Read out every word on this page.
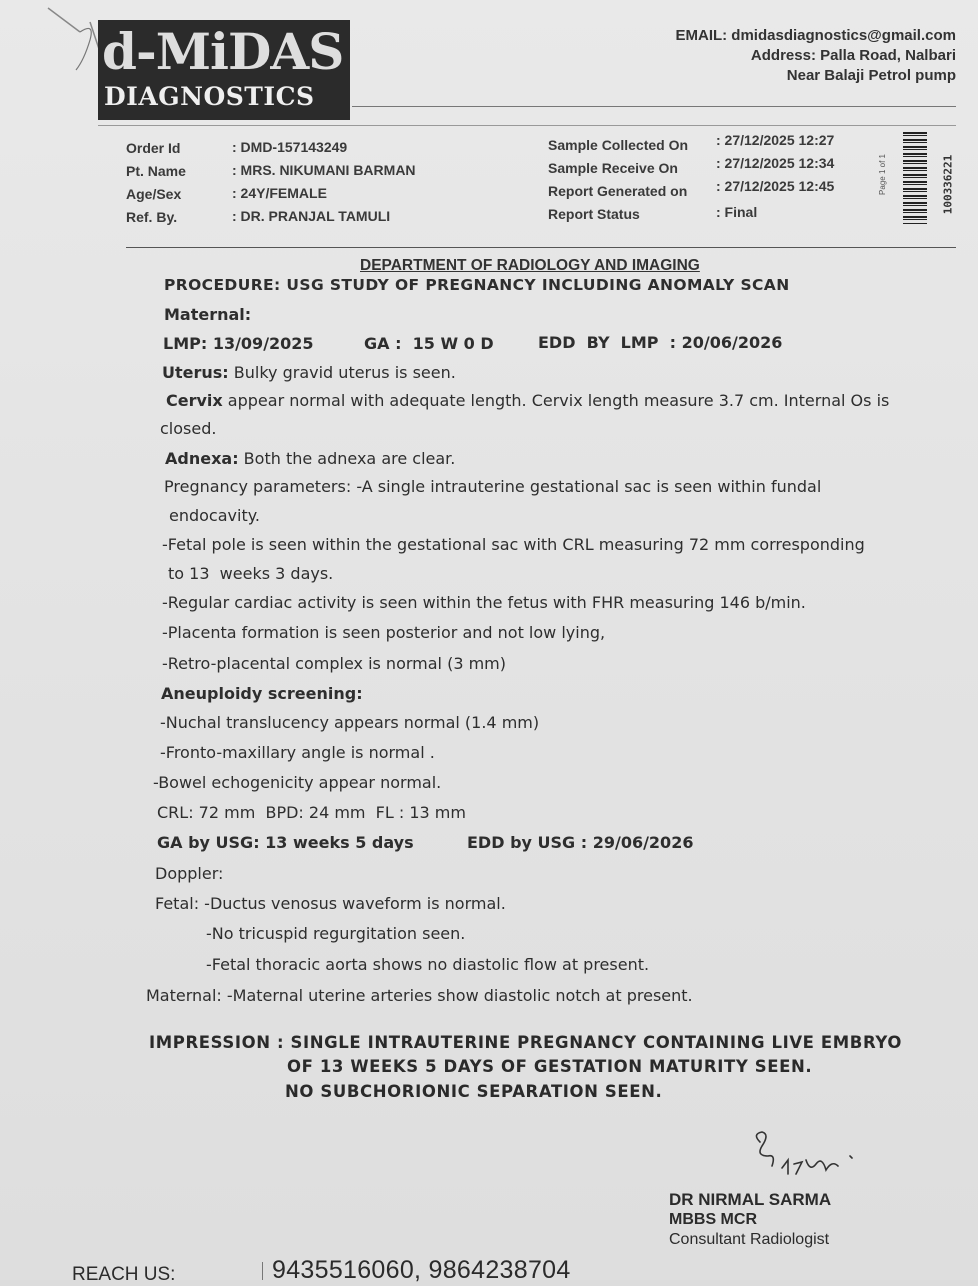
d-MiDAS
DIAGNOSTICS
EMAIL: dmidasdiagnostics@gmail.com
Address: Palla Road, Nalbari
Near Balaji Petrol pump
Order Id	: DMD-157143249
Pt. Name	: MRS. NIKUMANI BARMAN
Age/Sex	: 24Y/FEMALE
Ref. By.	: DR. PRANJAL TAMULI
Sample Collected On : 27/12/2025 12:27
Sample Receive On	: 27/12/2025 12:34
Report Generated on : 27/12/2025 12:45
Report Status	: Final	100336221
Page 1 of 1
DEPARTMENT OF RADIOLOGY AND IMAGING
PROCEDURE: USG STUDY OF PREGNANCY INCLUDING ANOMALY SCAN
Maternal:
LMP: 13/09/2025	GA :  15 W 0 D	EDD  BY  LMP  : 20/06/2026
Uterus: Bulky gravid uterus is seen.
Cervix appear normal with adequate length. Cervix length measure 3.7 cm. Internal Os is
closed.
Adnexa: Both the adnexa are clear.
Pregnancy parameters: -A single intrauterine gestational sac is seen within fundal
endocavity.
-Fetal pole is seen within the gestational sac with CRL measuring 72 mm corresponding
to 13  weeks 3 days.
-Regular cardiac activity is seen within the fetus with FHR measuring 146 b/min.
-Placenta formation is seen posterior and not low lying,
-Retro-placental complex is normal (3 mm)
Aneuploidy screening:
-Nuchal translucency appears normal (1.4 mm)
-Fronto-maxillary angle is normal .
-Bowel echogenicity appear normal.
CRL: 72 mm  BPD: 24 mm  FL : 13 mm
GA by USG: 13 weeks 5 days	EDD by USG : 29/06/2026
Doppler:
Fetal: -Ductus venosus waveform is normal.
-No tricuspid regurgitation seen.
-Fetal thoracic aorta shows no diastolic flow at present.
Maternal: -Maternal uterine arteries show diastolic notch at present.
IMPRESSION : SINGLE INTRAUTERINE PREGNANCY CONTAINING LIVE EMBRYO
OF 13 WEEKS 5 DAYS OF GESTATION MATURITY SEEN.
NO SUBCHORIONIC SEPARATION SEEN.
DR NIRMAL SARMA
MBBS MCR
Consultant Radiologist
REACH US:	9435516060, 9864238704
